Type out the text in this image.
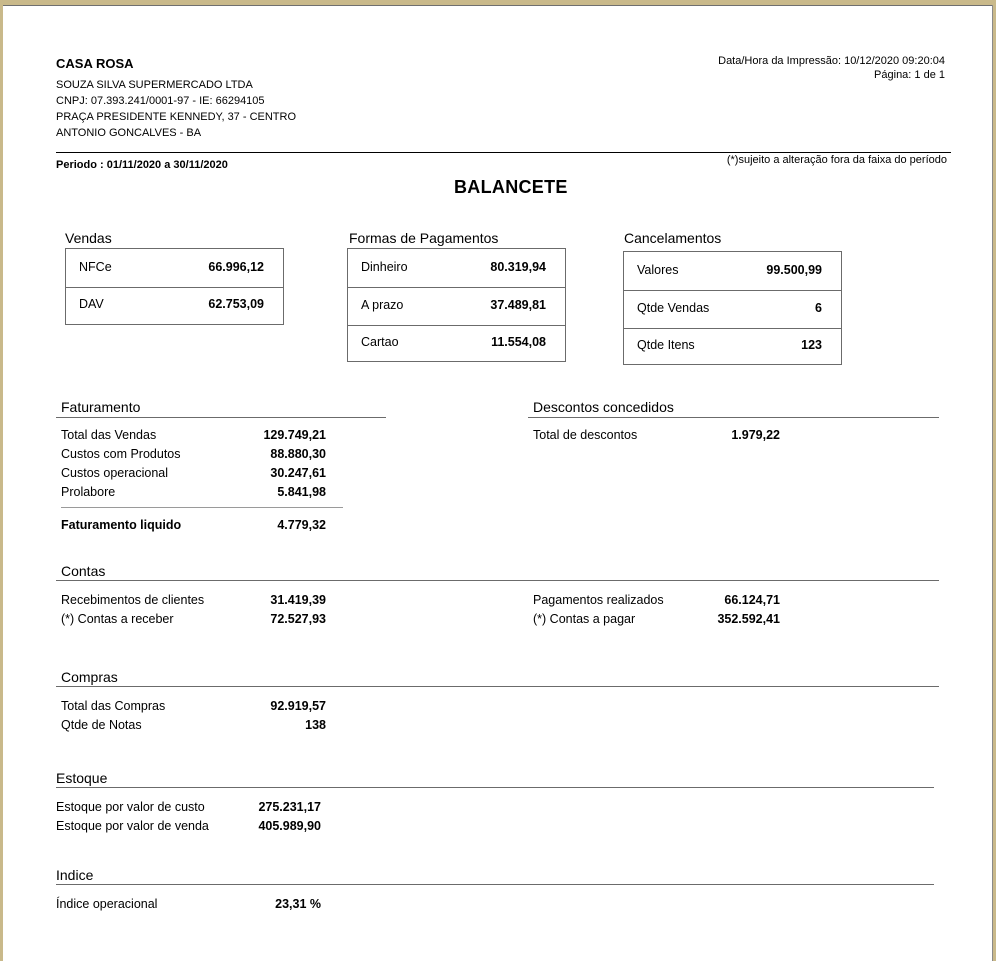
CASA ROSA
SOUZA SILVA SUPERMERCADO LTDA
CNPJ: 07.393.241/0001-97 - IE: 66294105
PRAÇA PRESIDENTE KENNEDY, 37 - CENTRO
ANTONIO GONCALVES - BA
Data/Hora da Impressão: 10/12/2020 09:20:04
Página: 1 de 1
Periodo : 01/11/2020 a 30/11/2020	(*)sujeito a alteração fora da faixa do período
BALANCETE
Vendas
NFCe	66.996,12
DAV	62.753,09
Formas de Pagamentos
Dinheiro	80.319,94
A prazo	37.489,81
Cartao	11.554,08
Cancelamentos
Valores	99.500,99
Qtde Vendas	6
Qtde Itens	123
Faturamento
Total das Vendas	129.749,21
Custos com Produtos	88.880,30
Custos operacional	30.247,61
Prolabore	5.841,98
Faturamento liquido	4.779,32
Descontos concedidos
Total de descontos	1.979,22
Contas
Recebimentos de clientes	31.419,39
(*) Contas a receber	72.527,93
Pagamentos realizados	66.124,71
(*) Contas a pagar	352.592,41
Compras
Total das Compras	92.919,57
Qtde de Notas	138
Estoque
Estoque por valor de custo	275.231,17
Estoque por valor de venda	405.989,90
Indice
Índice operacional	23,31 %
